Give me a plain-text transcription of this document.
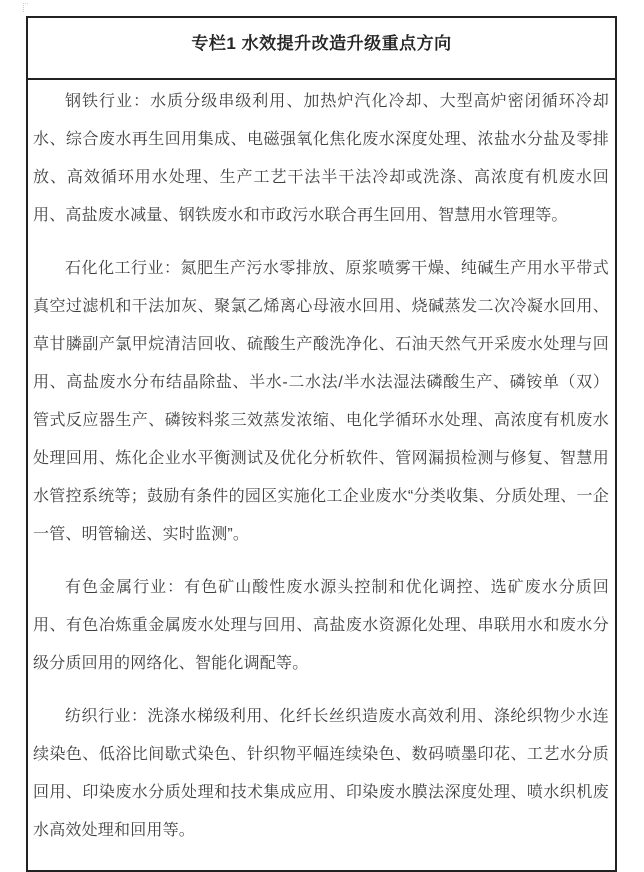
专栏1 水效提升改造升级重点方向

钢铁行业：水质分级串级利用、加热炉汽化冷却、大型高炉密闭循环冷却水、综合废水再生回用集成、电磁强氧化焦化废水深度处理、浓盐水分盐及零排放、高效循环用水处理、生产工艺干法半干法冷却或洗涤、高浓度有机废水回用、高盐废水减量、钢铁废水和市政污水联合再生回用、智慧用水管理等。

石化化工行业：氮肥生产污水零排放、原浆喷雾干燥、纯碱生产用水平带式真空过滤机和干法加灰、聚氯乙烯离心母液水回用、烧碱蒸发二次冷凝水回用、草甘膦副产氯甲烷清洁回收、硫酸生产酸洗净化、石油天然气开采废水处理与回用、高盐废水分布结晶除盐、半水-二水法/半水法湿法磷酸生产、磷铵单（双）管式反应器生产、磷铵料浆三效蒸发浓缩、电化学循环水处理、高浓度有机废水处理回用、炼化企业水平衡测试及优化分析软件、管网漏损检测与修复、智慧用水管控系统等；鼓励有条件的园区实施化工企业废水“分类收集、分质处理、一企一管、明管输送、实时监测”。

有色金属行业：有色矿山酸性废水源头控制和优化调控、选矿废水分质回用、有色冶炼重金属废水处理与回用、高盐废水资源化处理、串联用水和废水分级分质回用的网络化、智能化调配等。

纺织行业：洗涤水梯级利用、化纤长丝织造废水高效利用、涤纶织物少水连续染色、低浴比间歇式染色、针织物平幅连续染色、数码喷墨印花、工艺水分质回用、印染废水分质处理和技术集成应用、印染废水膜法深度处理、喷水织机废水高效处理和回用等。
